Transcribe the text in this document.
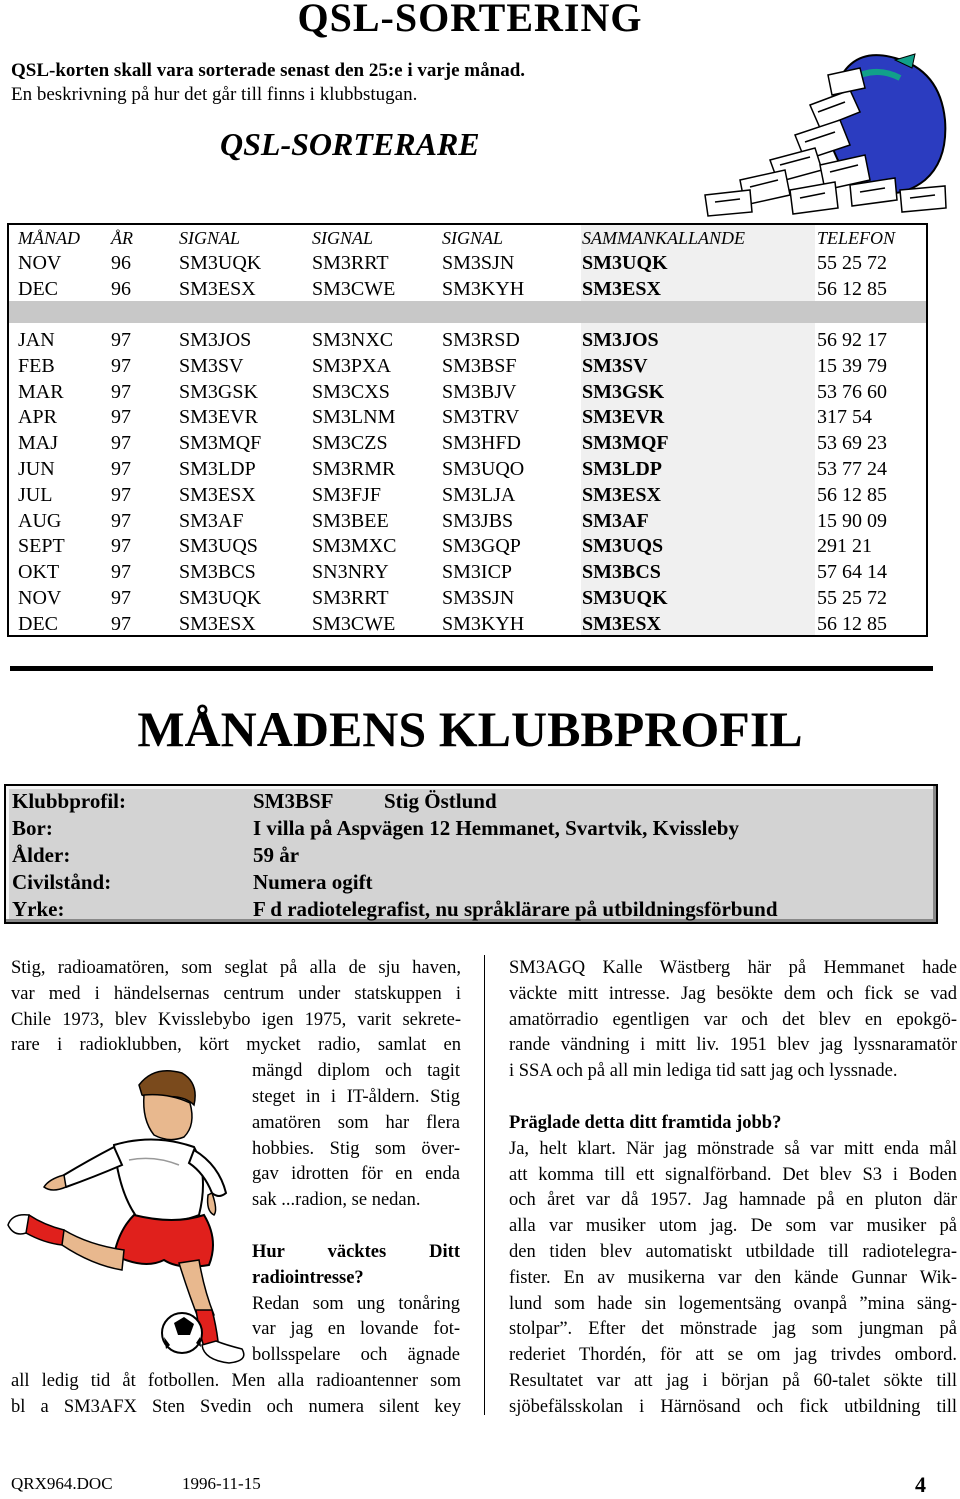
QSL-SORTERING
QSL-korten skall vara sorterade senast den 25:e i varje månad.
En beskrivning på hur det går till finns i klubbstugan.
QSL-SORTERARE
MÅNAD ÅR	SIGNAL	SIGNAL	SIGNAL	SAMMANKALLANDE	TELEFON
NOV 96 SM3UQK	SM3RRT	SM3SJN	SM3UQK	55 25 72
DEC	96 SM3ESX	SM3CWE SM3KYH	SM3ESX	56 12 85
JAN	97 SM3JOS	SM3NXC SM3RSD	SM3JOS	56 92 17
FEB	97 SM3SV	SM3PXA	SM3BSF	SM3SV	15 39 79
MAR 97 SM3GSK	SM3CXS	SM3BJV	SM3GSK	53 76 60
APR	97 SM3EVR	SM3LNM SM3TRV	SM3EVR	317 54
MAJ	97 SM3MQF	SM3CZS	SM3HFD	SM3MQF	53 69 23
JUN	97 SM3LDP	SM3RMR SM3UQO	SM3LDP	53 77 24
JUL	97 SM3ESX	SM3FJF	SM3LJA	SM3ESX	56 12 85
AUG 97 SM3AF	SM3BEE	SM3JBS	SM3AF	15 90 09
SEPT 97 SM3UQS	SM3MXC SM3GQP	SM3UQS	291 21
OKT	97 SM3BCS	SN3NRY	SM3ICP	SM3BCS	57 64 14
NOV 97 SM3UQK	SM3RRT	SM3SJN	SM3UQK	55 25 72
DEC	97 SM3ESX	SM3CWE SM3KYH	SM3ESX	56 12 85
MÅNADENS KLUBBPROFIL
Klubbprofil:	SM3BSF Stig Östlund
Bor:	I villa på Aspvägen 12 Hemmanet, Svartvik, Kvissleby
Ålder:	59 år
Civilstånd:	Numera ogift
Yrke:	F d radiotelegrafist, nu språklärare på utbildningsförbund
Stig, radioamatören, som seglat på alla de sju haven,
var med i händelsernas centrum under statskuppen i
Chile 1973, blev Kvisslebybo igen 1975, varit sekrete-
rare i radioklubben, kört mycket radio, samlat en
mängd diplom och tagit
steget in i IT-åldern. Stig
amatören som har flera
hobbies. Stig som över-
gav idrotten för en enda
sak ...radion, se nedan.
Hur väcktes Ditt
radiointresse?
Redan som ung tonåring
var jag en lovande fot-
bollsspelare och ägnade
all ledig tid åt fotbollen. Men alla radioantenner som
bl a SM3AFX Sten Svedin och numera silent key
SM3AGQ Kalle Wästberg här på Hemmanet hade
väckte mitt intresse. Jag besökte dem och fick se vad
amatörradio egentligen var och det blev en epokgö-
rande vändning i mitt liv. 1951 blev jag lyssnaramatör
i SSA och på all min lediga tid satt jag och lyssnade.
Präglade detta ditt framtida jobb?
Ja, helt klart. När jag mönstrade så var mitt enda mål
att komma till ett signalförband. Det blev S3 i Boden
och året var då 1957. Jag hamnade på en pluton där
alla var musiker utom jag. De som var musiker på
den tiden blev automatiskt utbildade till radiotelegra-
fister. En av musikerna var den kände Gunnar Wik-
lund som hade sin logementsäng ovanpå ”mina säng-
stolpar”. Efter det mönstrade jag som jungman på
rederiet Thordén, för att se om jag trivdes ombord.
Resultatet var att jag i början på 60-talet sökte till
sjöbefälsskolan i Härnösand och fick utbildning till
QRX964.DOC	1996-11-15	4
